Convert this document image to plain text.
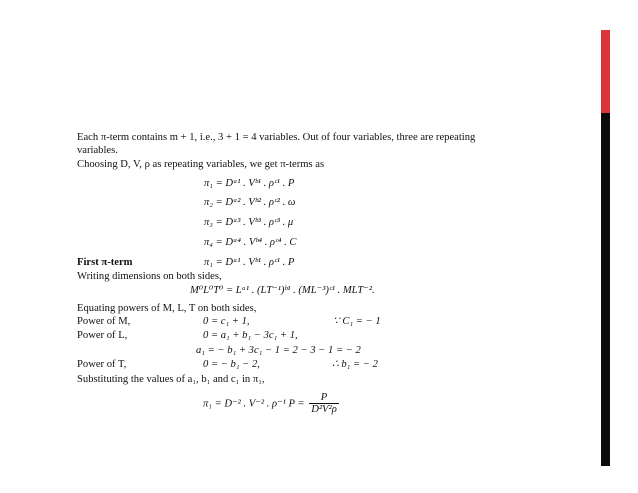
Each π-term contains m + 1, i.e., 3 + 1 = 4 variables. Out of four variables, three are repeating
variables.
Choosing D, V, ρ as repeating variables, we get π-terms as
π₁ = Dᵃ¹ . Vᵇ¹ . ρᶜ¹ . P
π₂ = Dᵃ² . Vᵇ² . ρᶜ² . ω
π₃ = Dᵃ³ . Vᵇ³ . ρᶜ³ . μ
π₄ = Dᵃ⁴ . Vᵇ⁴ . ρᶜ⁴ . C
First π-term	π₁ = Dᵃ¹ . Vᵇ¹ . ρᶜ¹ . P
Writing dimensions on both sides,
M⁰L⁰T⁰ = Lᵃ¹ . (LT⁻¹)ᵇ¹ . (ML⁻³)ᶜ¹ . MLT⁻².
Equating powers of M, L, T on both sides,
Power of M,	0 = c₁ + 1,	∵ C₁ = − 1
Power of L,	0 = a₁ + b₁ − 3c₁ + 1,
a₁ = − b₁ + 3c₁ − 1 = 2 − 3 − 1 = − 2
Power of T,	0 = − b₁ − 2,	∴ b₁ = − 2
Substituting the values of a₁, b₁ and c₁ in π₁,
π₁ = D⁻² . V⁻² . ρ⁻¹ $P = \frac{P}{\text{D²V²ρ}}$
